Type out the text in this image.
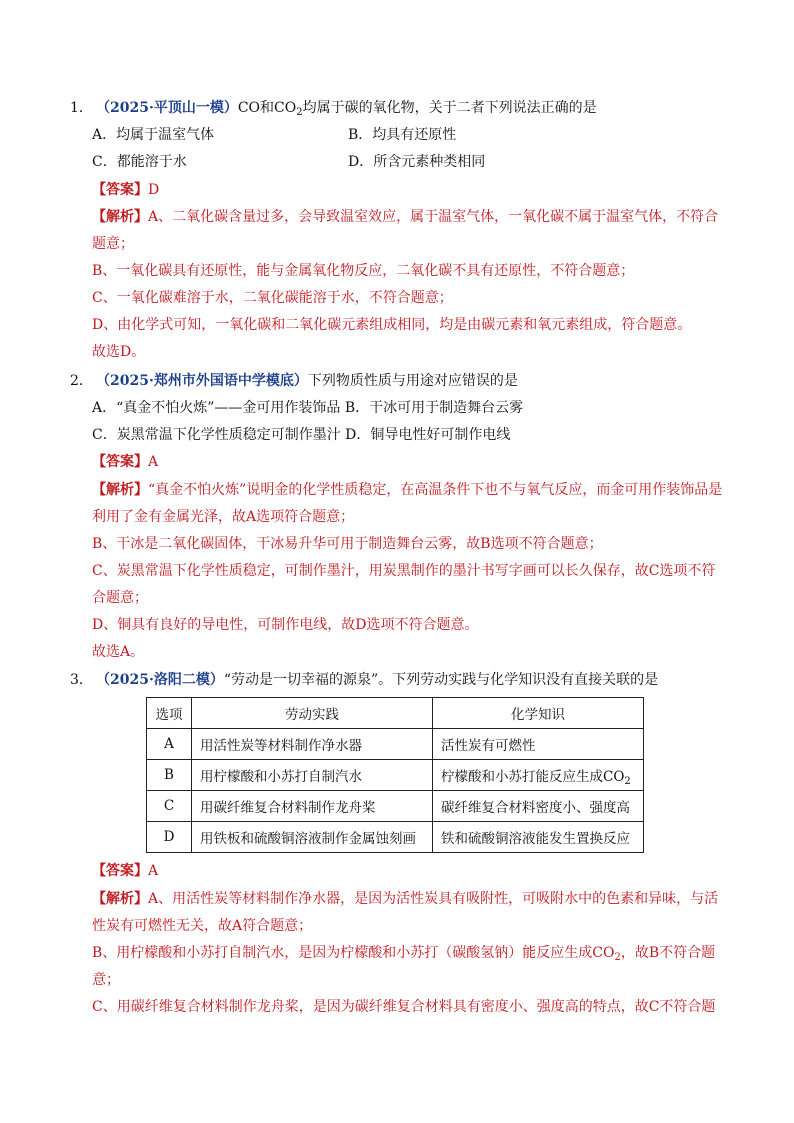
1． （2025·平顶山一模）CO和$CO_2$均属于碳的氧化物，关于二者下列说法正确的是
A．均属于温室气体	B．均具有还原性
C．都能溶于水	D．所含元素种类相同
【答案】D
【解析】A、二氧化碳含量过多，会导致温室效应，属于温室气体，一氧化碳不属于温室气体，不符合
题意；
B、一氧化碳具有还原性，能与金属氧化物反应，二氧化碳不具有还原性，不符合题意；
C、一氧化碳难溶于水，二氧化碳能溶于水，不符合题意；
D、由化学式可知，一氧化碳和二氧化碳元素组成相同，均是由碳元素和氧元素组成，符合题意。
故选D。
2． （2025·郑州市外国语中学模底）下列物质性质与用途对应错误的是
A．“真金不怕火炼”——金可用作装饰品 B．干冰可用于制造舞台云雾
C．炭黑常温下化学性质稳定可制作墨汁 D．铜导电性好可制作电线
【答案】A
【解析】“真金不怕火炼”说明金的化学性质稳定，在高温条件下也不与氧气反应，而金可用作装饰品是
利用了金有金属光泽，故A选项符合题意；
B、干冰是二氧化碳固体，干冰易升华可用于制造舞台云雾，故B选项不符合题意；
C、炭黑常温下化学性质稳定，可制作墨汁，用炭黑制作的墨汁书写字画可以长久保存，故C选项不符
合题意；
D、铜具有良好的导电性，可制作电线，故D选项不符合题意。
故选A。
3． （2025·洛阳二模）“劳动是一切幸福的源泉”。下列劳动实践与化学知识没有直接关联的是
选项	劳动实践	化学知识
A	用活性炭等材料制作净水器	活性炭有可燃性
B	用柠檬酸和小苏打自制汽水	柠檬酸和小苏打能反应生成$CO_2$
C	用碳纤维复合材料制作龙舟桨	碳纤维复合材料密度小、强度高
D	用铁板和硫酸铜溶液制作金属蚀刻画	铁和硫酸铜溶液能发生置换反应
【答案】A
【解析】A、用活性炭等材料制作净水器，是因为活性炭具有吸附性，可吸附水中的色素和异味，与活
性炭有可燃性无关，故A符合题意；
B、用柠檬酸和小苏打自制汽水，是因为柠檬酸和小苏打（碳酸氢钠）能反应生成$CO_2$，故B不符合题
意；
C、用碳纤维复合材料制作龙舟桨，是因为碳纤维复合材料具有密度小、强度高的特点，故C不符合题
